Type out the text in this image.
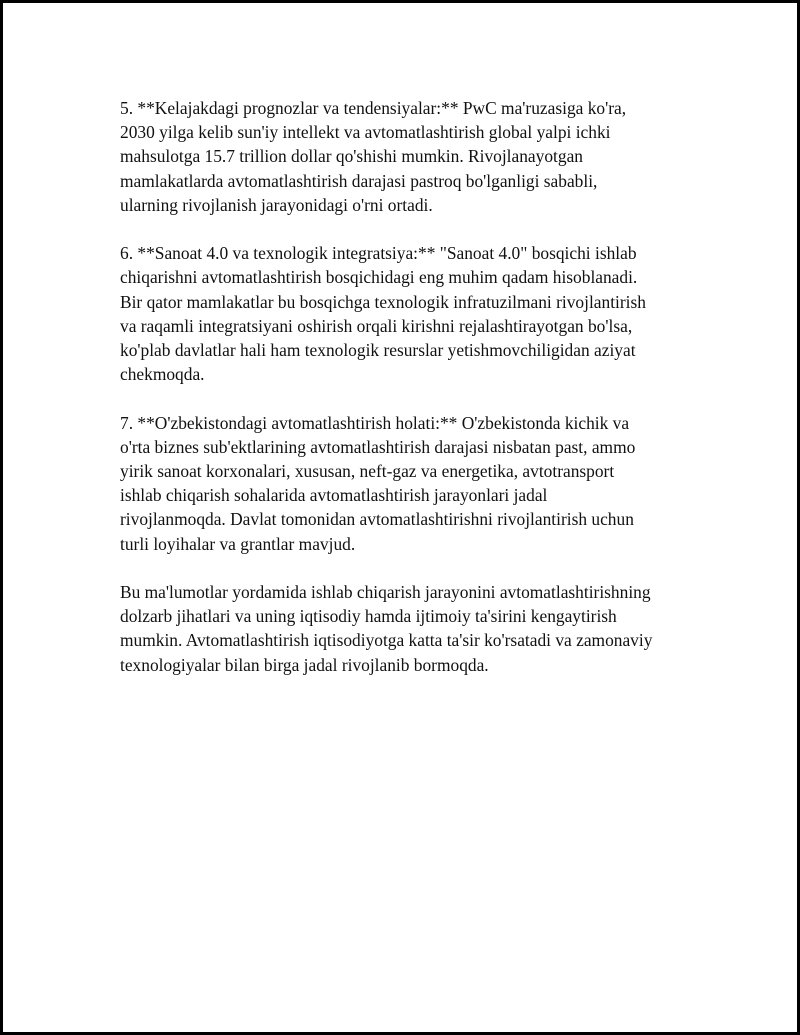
5. **Kelajakdagi prognozlar va tendensiyalar:** PwC ma'ruzasiga ko'ra,
2030 yilga kelib sun'iy intellekt va avtomatlashtirish global yalpi ichki
mahsulotga 15.7 trillion dollar qo'shishi mumkin. Rivojlanayotgan
mamlakatlarda avtomatlashtirish darajasi pastroq bo'lganligi sababli,
ularning rivojlanish jarayonidagi o'rni ortadi.

6. **Sanoat 4.0 va texnologik integratsiya:** "Sanoat 4.0" bosqichi ishlab
chiqarishni avtomatlashtirish bosqichidagi eng muhim qadam hisoblanadi.
Bir qator mamlakatlar bu bosqichga texnologik infratuzilmani rivojlantirish
va raqamli integratsiyani oshirish orqali kirishni rejalashtirayotgan bo'lsa,
ko'plab davlatlar hali ham texnologik resurslar yetishmovchiligidan aziyat
chekmoqda.

7. **O'zbekistondagi avtomatlashtirish holati:** O'zbekistonda kichik va
o'rta biznes sub'ektlarining avtomatlashtirish darajasi nisbatan past, ammo
yirik sanoat korxonalari, xususan, neft-gaz va energetika, avtotransport
ishlab chiqarish sohalarida avtomatlashtirish jarayonlari jadal
rivojlanmoqda. Davlat tomonidan avtomatlashtirishni rivojlantirish uchun
turli loyihalar va grantlar mavjud.

Bu ma'lumotlar yordamida ishlab chiqarish jarayonini avtomatlashtirishning
dolzarb jihatlari va uning iqtisodiy hamda ijtimoiy ta'sirini kengaytirish
mumkin. Avtomatlashtirish iqtisodiyotga katta ta'sir ko'rsatadi va zamonaviy
texnologiyalar bilan birga jadal rivojlanib bormoqda.
